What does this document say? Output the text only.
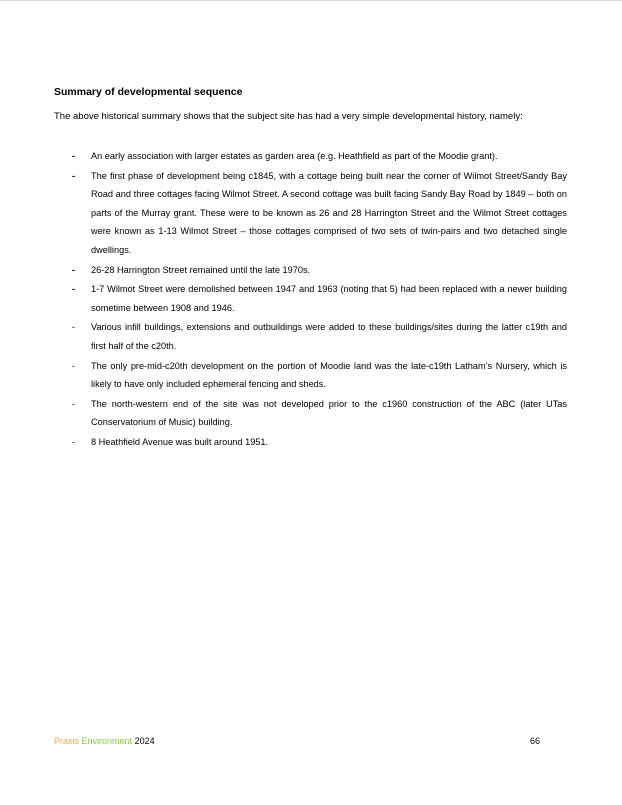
Summary of developmental sequence
The above historical summary shows that the subject site has had a very simple developmental history, namely:
- An early association with larger estates as garden area (e.g. Heathfield as part of the Moodie grant).
- The first phase of development being c1845, with a cottage being built near the corner of Wilmot Street/Sandy Bay Road and three cottages facing Wilmot Street. A second cottage was built facing Sandy Bay Road by 1849 – both on parts of the Murray grant. These were to be known as 26 and 28 Harrington Street and the Wilmot Street cottages were known as 1-13 Wilmot Street – those cottages comprised of two sets of twin-pairs and two detached single dwellings.
- 26-28 Harrington Street remained until the late 1970s.
- 1-7 Wilmot Street were demolished between 1947 and 1963 (noting that 5) had been replaced with a newer building sometime between 1908 and 1946.
- Various infill buildings, extensions and outbuildings were added to these buildings/sites during the latter c19th and first half of the c20th.
- The only pre-mid-c20th development on the portion of Moodie land was the late-c19th Latham’s Nursery, which is likely to have only included ephemeral fencing and sheds.
- The north-western end of the site was not developed prior to the c1960 construction of the ABC (later UTas Conservatorium of Music) building.
- 8 Heathfield Avenue was built around 1951.
Praxis Environment 2024	66
